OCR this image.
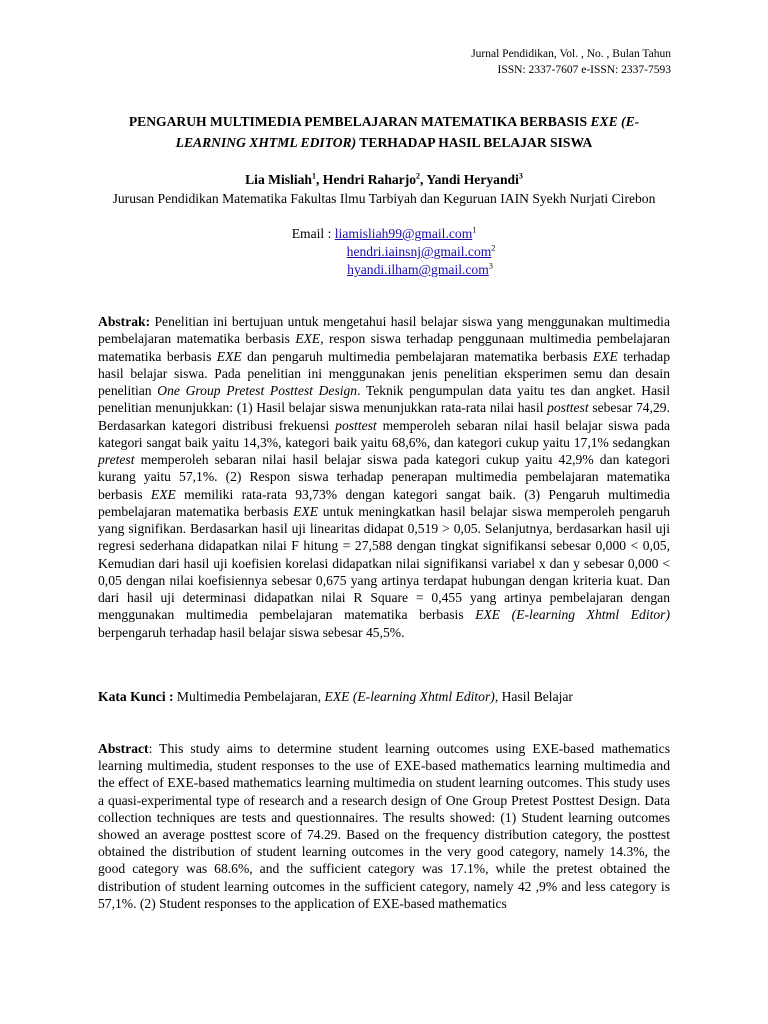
Jurnal Pendidikan, Vol. , No. , Bulan Tahun
ISSN: 2337-7607 e-ISSN: 2337-7593
PENGARUH MULTIMEDIA PEMBELAJARAN MATEMATIKA BERBASIS EXE (E-LEARNING XHTML EDITOR) TERHADAP HASIL BELAJAR SISWA
Lia Misliah$^1$, Hendri Raharjo$^2$, Yandi Heryandi$^3$
Jurusan Pendidikan Matematika Fakultas Ilmu Tarbiyah dan Keguruan IAIN Syekh Nurjati Cirebon
Email : liamisliah99@gmail.com$^1$
hendri.iainsnj@gmail.com$^2$
hyandi.ilham@gmail.com$^3$
Abstrak: Penelitian ini bertujuan untuk mengetahui hasil belajar siswa yang menggunakan multimedia pembelajaran matematika berbasis EXE, respon siswa terhadap penggunaan multimedia pembelajaran matematika berbasis EXE dan pengaruh multimedia pembelajaran matematika berbasis EXE terhadap hasil belajar siswa. Pada penelitian ini menggunakan jenis penelitian eksperimen semu dan desain penelitian One Group Pretest Posttest Design. Teknik pengumpulan data yaitu tes dan angket. Hasil penelitian menunjukkan: (1) Hasil belajar siswa menunjukkan rata-rata nilai hasil posttest sebesar 74,29. Berdasarkan kategori distribusi frekuensi posttest memperoleh sebaran nilai hasil belajar siswa pada kategori sangat baik yaitu 14,3%, kategori baik yaitu 68,6%, dan kategori cukup yaitu 17,1% sedangkan pretest memperoleh sebaran nilai hasil belajar siswa pada kategori cukup yaitu 42,9% dan kategori kurang yaitu 57,1%. (2) Respon siswa terhadap penerapan multimedia pembelajaran matematika berbasis EXE memiliki rata-rata 93,73% dengan kategori sangat baik. (3) Pengaruh multimedia pembelajaran matematika berbasis EXE untuk meningkatkan hasil belajar siswa memperoleh pengaruh yang signifikan. Berdasarkan hasil uji linearitas didapat 0,519 > 0,05. Selanjutnya, berdasarkan hasil uji regresi sederhana didapatkan nilai F hitung = 27,588 dengan tingkat signifikansi sebesar 0,000 < 0,05, Kemudian dari hasil uji koefisien korelasi didapatkan nilai signifikansi variabel x dan y sebesar 0,000 < 0,05 dengan nilai koefisiennya sebesar 0,675 yang artinya terdapat hubungan dengan kriteria kuat. Dan dari hasil uji determinasi didapatkan nilai R Square = 0,455 yang artinya pembelajaran dengan menggunakan multimedia pembelajaran matematika berbasis EXE (E-learning Xhtml Editor) berpengaruh terhadap hasil belajar siswa sebesar 45,5%.
Kata Kunci : Multimedia Pembelajaran, EXE (E-learning Xhtml Editor), Hasil Belajar
Abstract: This study aims to determine student learning outcomes using EXE-based mathematics learning multimedia, student responses to the use of EXE-based mathematics learning multimedia and the effect of EXE-based mathematics learning multimedia on student learning outcomes. This study uses a quasi-experimental type of research and a research design of One Group Pretest Posttest Design. Data collection techniques are tests and questionnaires. The results showed: (1) Student learning outcomes showed an average posttest score of 74.29. Based on the frequency distribution category, the posttest obtained the distribution of student learning outcomes in the very good category, namely 14.3%, the good category was 68.6%, and the sufficient category was 17.1%, while the pretest obtained the distribution of student learning outcomes in the sufficient category, namely 42 ,9% and less category is 57,1%. (2) Student responses to the application of EXE-based mathematics
